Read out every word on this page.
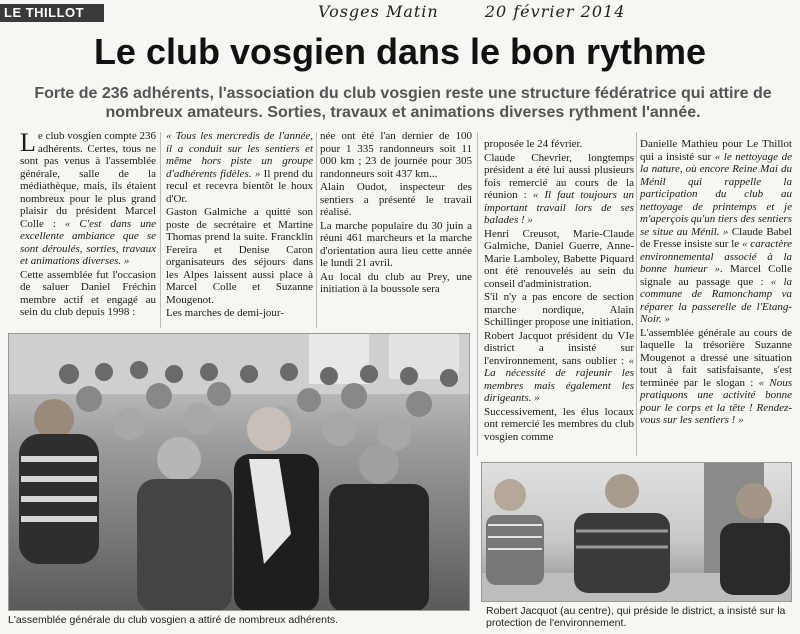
LE THILLOT	Vosges Matin	20 février 2014
Le club vosgien dans le bon rythme
Forte de 236 adhérents, l'association du club vosgien reste une structure fédératrice qui attire de nombreux amateurs. Sorties, travaux et animations diverses rythment l'année.

Le club vosgien compte 236 adhérents. Certes, tous ne sont pas venus à l'assemblée générale, salle de la médiathèque, mais, ils étaient nombreux pour le plus grand plaisir du président Marcel Colle : « C'est dans une excellente ambiance que se sont déroulés, sorties, travaux et animations diverses. »

Cette assemblée fut l'occasion de saluer Daniel Fréchin membre actif et engagé au sein du club depuis 1998 :

« Tous les mercredis de l'année, il a conduit sur les sentiers et même hors piste un groupe d'adhérents fidèles. » Il prend du recul et recevra bientôt le houx d'Or.

Gaston Galmiche a quitté son poste de secrétaire et Martine Thomas prend la suite. Francklin Fereira et Denise Caron organisateurs des séjours dans les Alpes laissent aussi place à Marcel Colle et Suzanne Mougenot.

Les marches de demi-jour-

née ont été l'an dernier de 100 pour 1 335 randonneurs soit 11 000 km ; 23 de journée pour 305 randonneurs soit 437 km...

Alain Oudot, inspecteur des sentiers a présenté le travail réalisé.

La marche populaire du 30 juin a réuni 461 marcheurs et la marche d'orientation aura lieu cette année le lundi 21 avril.

Au local du club au Prey, une initiation à la boussole sera

proposée le 24 février.

Claude Chevrier, longtemps président a été lui aussi plusieurs fois remercié au cours de la réunion : « Il faut toujours un important travail lors de ses balades ! »

Henri Creusot, Marie-Claude Galmiche, Daniel Guerre, Anne-Marie Lamboley, Babette Piquard ont été renouvelés au sein du conseil d'administration.

S'il n'y a pas encore de section marche nordique, Alain Schillinger propose une initiation.

Robert Jacquot président du VIe district a insisté sur l'environnement, sans oublier : « La nécessité de rajeunir les membres mais également les dirigeants. »

Successivement, les élus locaux ont remercié les membres du club vosgien comme

Danielle Mathieu pour Le Thillot qui a insisté sur « le nettoyage de la nature, où encore Reine Mai du Ménil qui rappelle la participation du club au nettoyage de printemps et je m'aperçois qu'un tiers des sentiers se situe au Ménil. » Claude Babel de Fresse insiste sur le « caractère environnemental associé à la bonne humeur ». Marcel Colle signale au passage que : « la commune de Ramonchamp va réparer la passerelle de l'Etang-Noir. »

L'assemblée générale au cours de laquelle la trésorière Suzanne Mougenot a dressé une situation tout à fait satisfaisante, s'est terminée par le slogan : « Nous pratiquons une activité bonne pour le corps et la tête ! Rendez-vous sur les sentiers ! »

L'assemblée générale du club vosgien a attiré de nombreux adhérents.
Robert Jacquot (au centre), qui préside le district, a insisté sur la protection de l'environnement.
